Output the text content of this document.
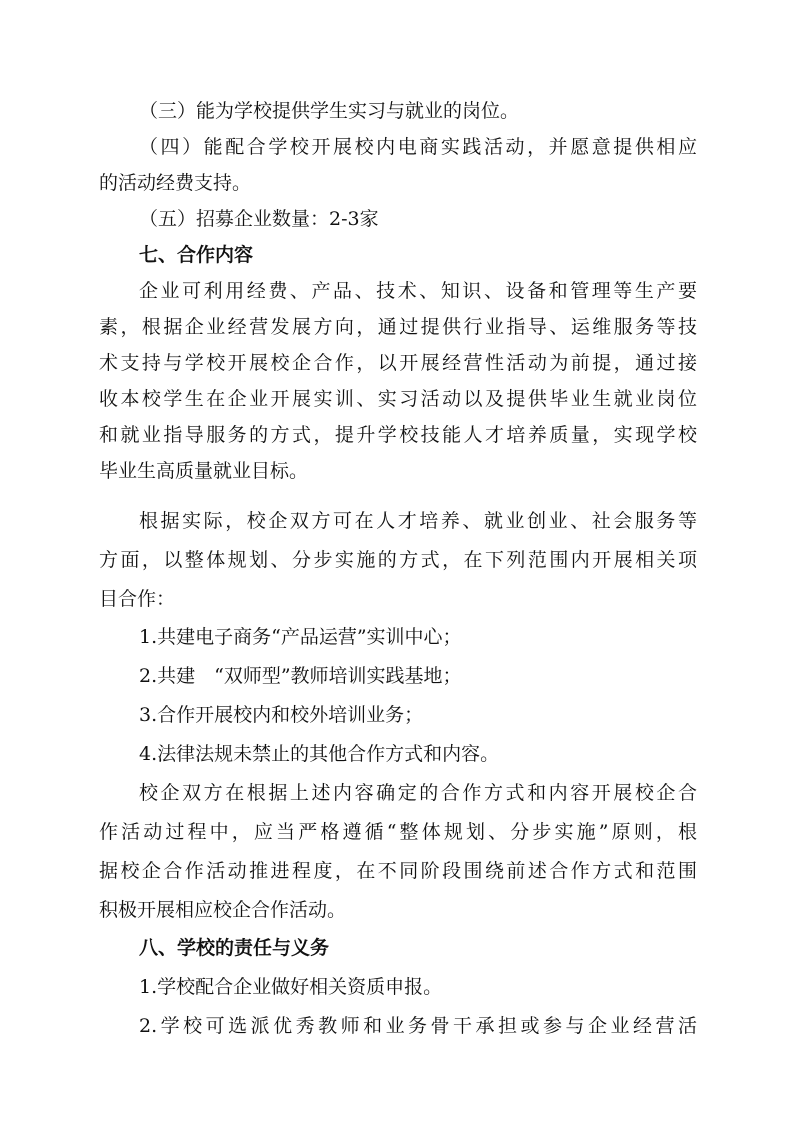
（三）能为学校提供学生实习与就业的岗位。
（四）能配合学校开展校内电商实践活动，并愿意提供相应
的活动经费支持。
（五）招募企业数量：2-3家
七、合作内容
企业可利用经费、产品、技术、知识、设备和管理等生产要
素，根据企业经营发展方向，通过提供行业指导、运维服务等技
术支持与学校开展校企合作，以开展经营性活动为前提，通过接
收本校学生在企业开展实训、实习活动以及提供毕业生就业岗位
和就业指导服务的方式，提升学校技能人才培养质量，实现学校
毕业生高质量就业目标。
根据实际，校企双方可在人才培养、就业创业、社会服务等
方面，以整体规划、分步实施的方式，在下列范围内开展相关项
目合作：
1.共建电子商务“产品运营”实训中心；
2.共建　“双师型”教师培训实践基地；
3.合作开展校内和校外培训业务；
4.法律法规未禁止的其他合作方式和内容。
校企双方在根据上述内容确定的合作方式和内容开展校企合
作活动过程中，应当严格遵循“整体规划、分步实施”原则，根
据校企合作活动推进程度，在不同阶段围绕前述合作方式和范围
积极开展相应校企合作活动。
八、学校的责任与义务
1.学校配合企业做好相关资质申报。
2.学校可选派优秀教师和业务骨干承担或参与企业经营活
